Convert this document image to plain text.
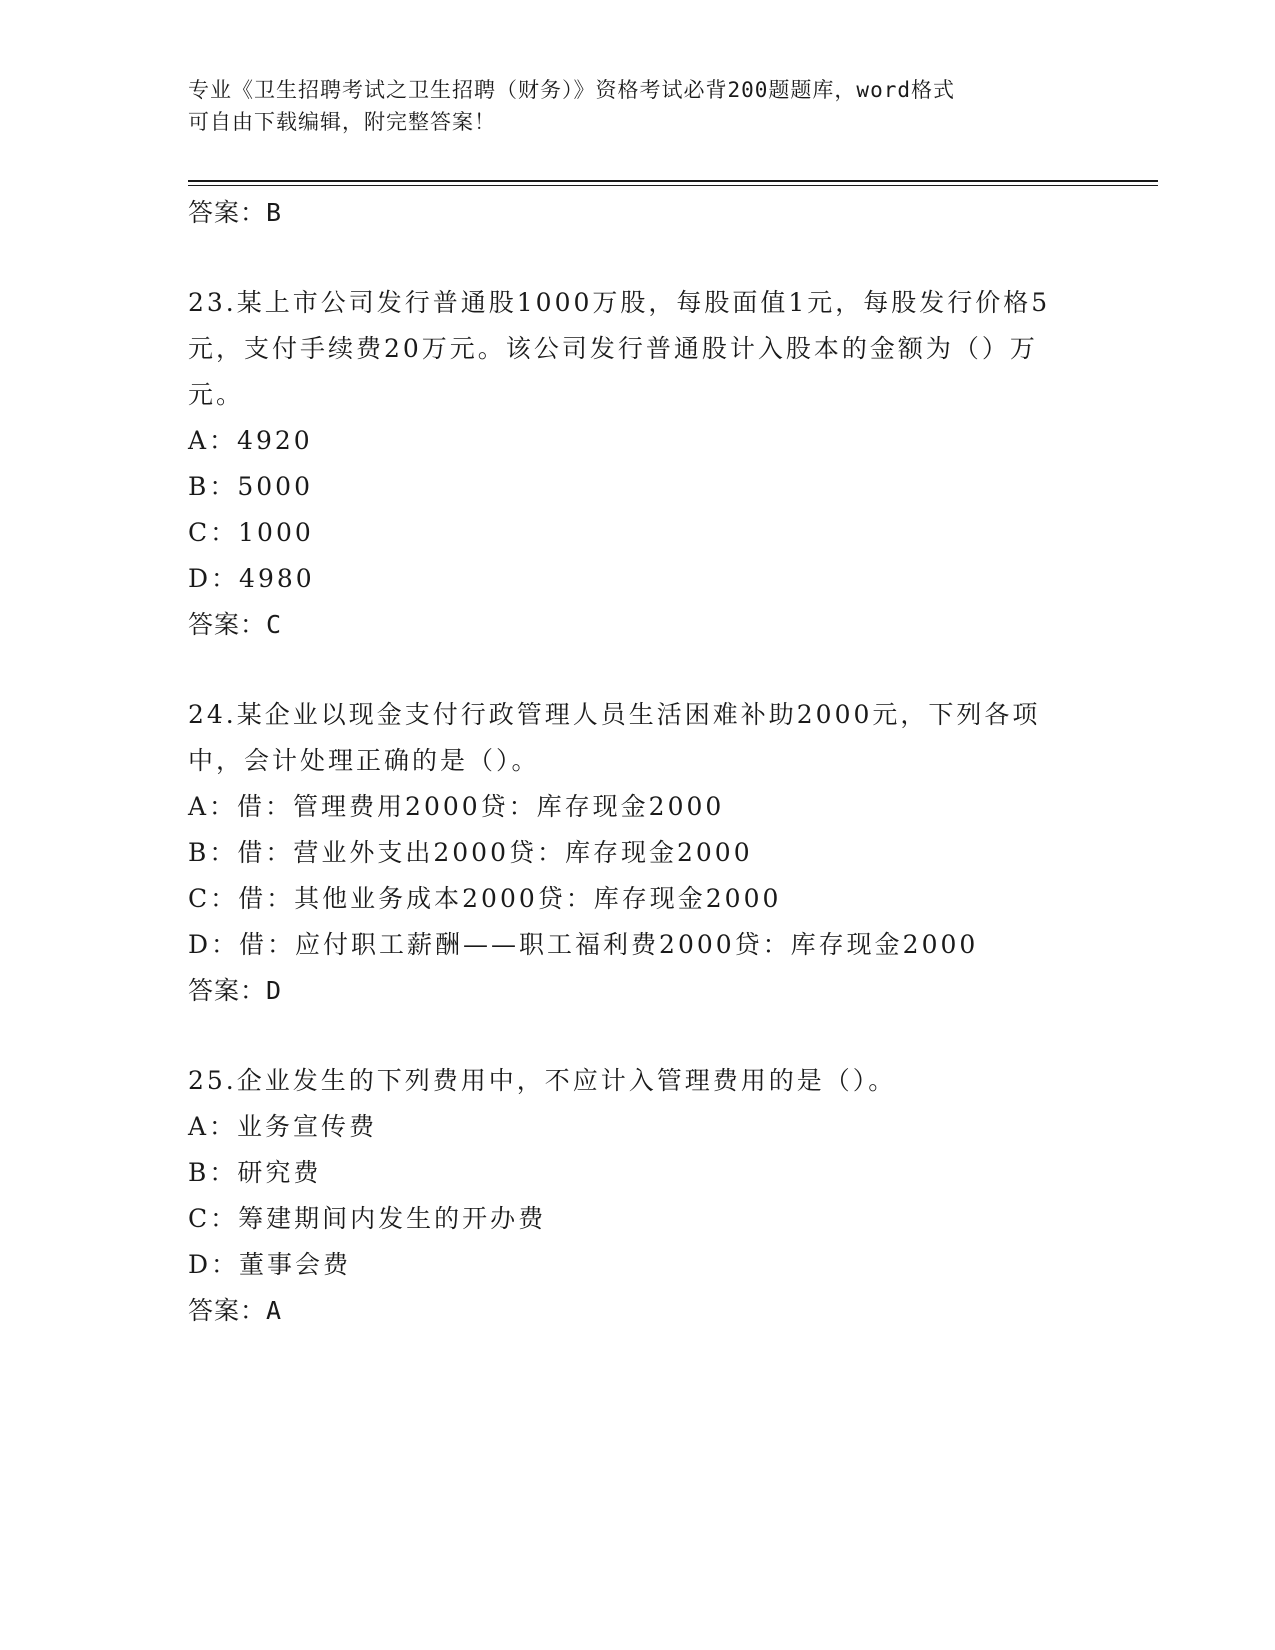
专业《卫生招聘考试之卫生招聘（财务）》资格考试必背200题题库，word格式
可自由下载编辑，附完整答案！
答案：B
23.某上市公司发行普通股1000万股，每股面值1元，每股发行价格5元，支付手续费20万元。该公司发行普通股计入股本的金额为（）万元。
A：4920
B：5000
C：1000
D：4980
答案：C
24.某企业以现金支付行政管理人员生活困难补助2000元，下列各项中，会计处理正确的是（）。
A：借：管理费用2000贷：库存现金2000
B：借：营业外支出2000贷：库存现金2000
C：借：其他业务成本2000贷：库存现金2000
D：借：应付职工薪酬——职工福利费2000贷：库存现金2000
答案：D
25.企业发生的下列费用中，不应计入管理费用的是（）。
A：业务宣传费
B：研究费
C：筹建期间内发生的开办费
D：董事会费
答案：A
